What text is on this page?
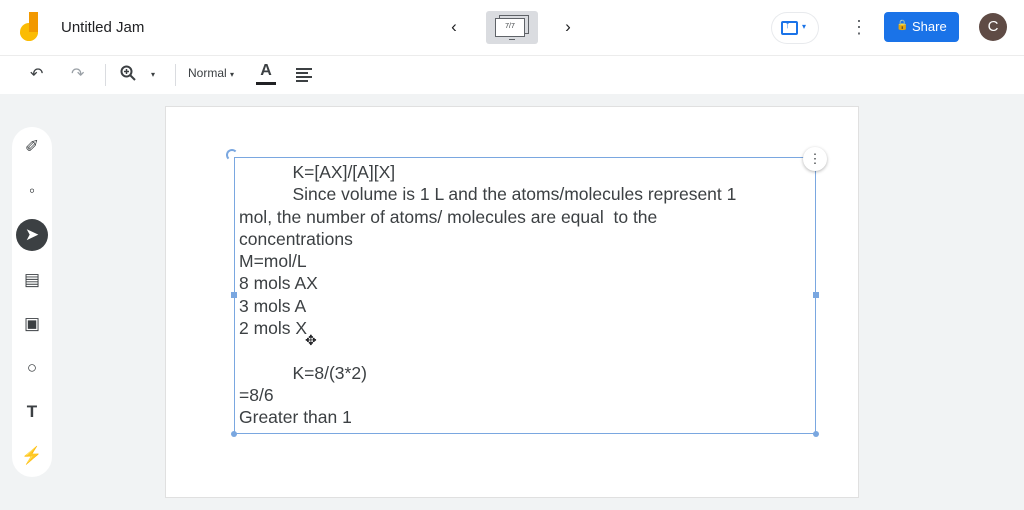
Untitled Jam	‹	7/7	›	↑ ▾ ⋮	🔒 Share	C
↶ ↷	▾	Normal ▾ A
✐
◦
➤
▤
▣
○
T
⚡
⋮
K=[AX]/[A][X]
Since volume is 1 L and the atoms/molecules represent 1
mol, the number of atoms/ molecules are equal  to the
concentrations
M=mol/L
8 mols AX
3 mols A
2 mols X
K=8/(3*2)
=8/6
Greater than 1
✥
